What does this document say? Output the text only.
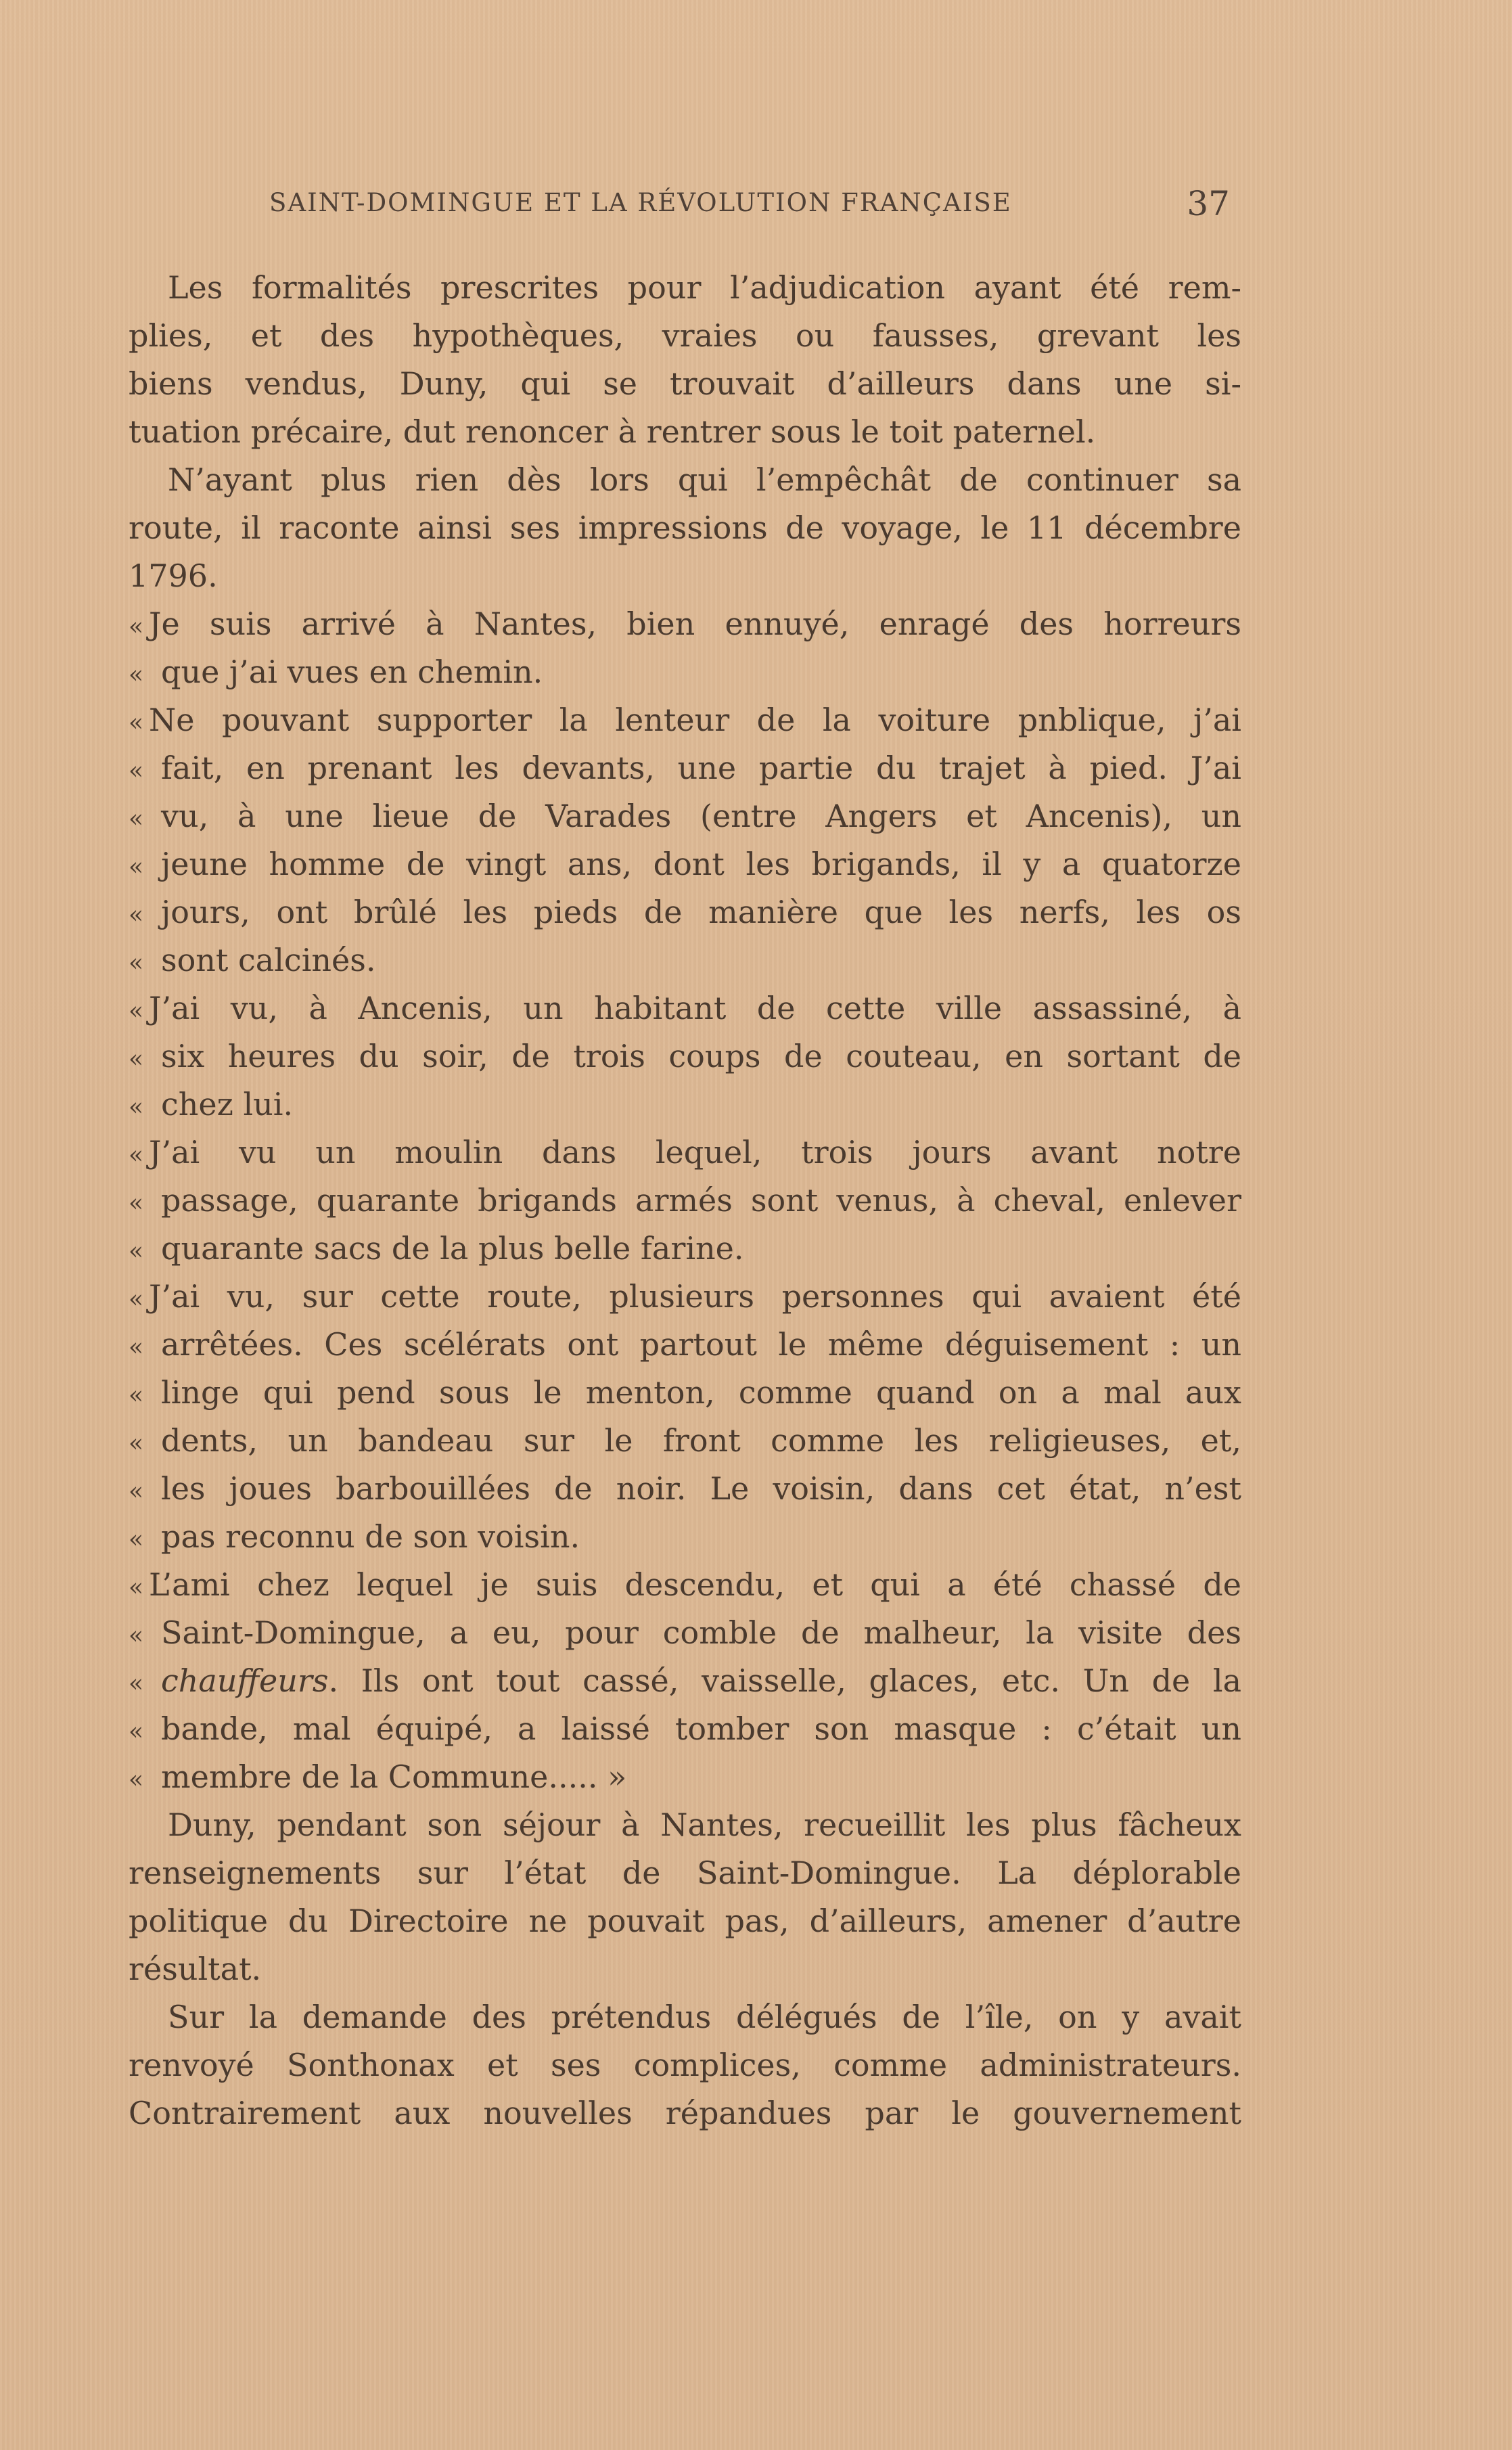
SAINT-DOMINGUE ET LA RÉVOLUTION FRANÇAISE	37
Les formalités prescrites pour l’adjudication ayant été rem-
plies, et des hypothèques, vraies ou fausses, grevant les
biens vendus, Duny, qui se trouvait d’ailleurs dans une si-
tuation précaire, dut renoncer à rentrer sous le toit paternel.
N’ayant plus rien dès lors qui l’empêchât de continuer sa
route, il raconte ainsi ses impressions de voyage, le 11 décembre
1796.
« Je suis arrivé à Nantes, bien ennuyé, enragé des horreurs
« que j’ai vues en chemin.
« Ne pouvant supporter la lenteur de la voiture pnblique, j’ai
« fait, en prenant les devants, une partie du trajet à pied. J’ai
« vu, à une lieue de Varades (entre Angers et Ancenis), un
« jeune homme de vingt ans, dont les brigands, il y a quatorze
« jours, ont brûlé les pieds de manière que les nerfs, les os
« sont calcinés.
« J’ai vu, à Ancenis, un habitant de cette ville assassiné, à
« six heures du soir, de trois coups de couteau, en sortant de
« chez lui.
« J’ai vu un moulin dans lequel, trois jours avant notre
« passage, quarante brigands armés sont venus, à cheval, enlever
« quarante sacs de la plus belle farine.
« J’ai vu, sur cette route, plusieurs personnes qui avaient été
« arrêtées. Ces scélérats ont partout le même déguisement : un
« linge qui pend sous le menton, comme quand on a mal aux
« dents, un bandeau sur le front comme les religieuses, et,
« les joues barbouillées de noir. Le voisin, dans cet état, n’est
« pas reconnu de son voisin.
« L’ami chez lequel je suis descendu, et qui a été chassé de
« Saint-Domingue, a eu, pour comble de malheur, la visite des
« chauffeurs. Ils ont tout cassé, vaisselle, glaces, etc. Un de la
« bande, mal équipé, a laissé tomber son masque : c’était un
« membre de la Commune..... »
Duny, pendant son séjour à Nantes, recueillit les plus fâcheux
renseignements sur l’état de Saint-Domingue. La déplorable
politique du Directoire ne pouvait pas, d’ailleurs, amener d’autre
résultat.
Sur la demande des prétendus délégués de l’île, on y avait
renvoyé Sonthonax et ses complices, comme administrateurs.
Contrairement aux nouvelles répandues par le gouvernement
